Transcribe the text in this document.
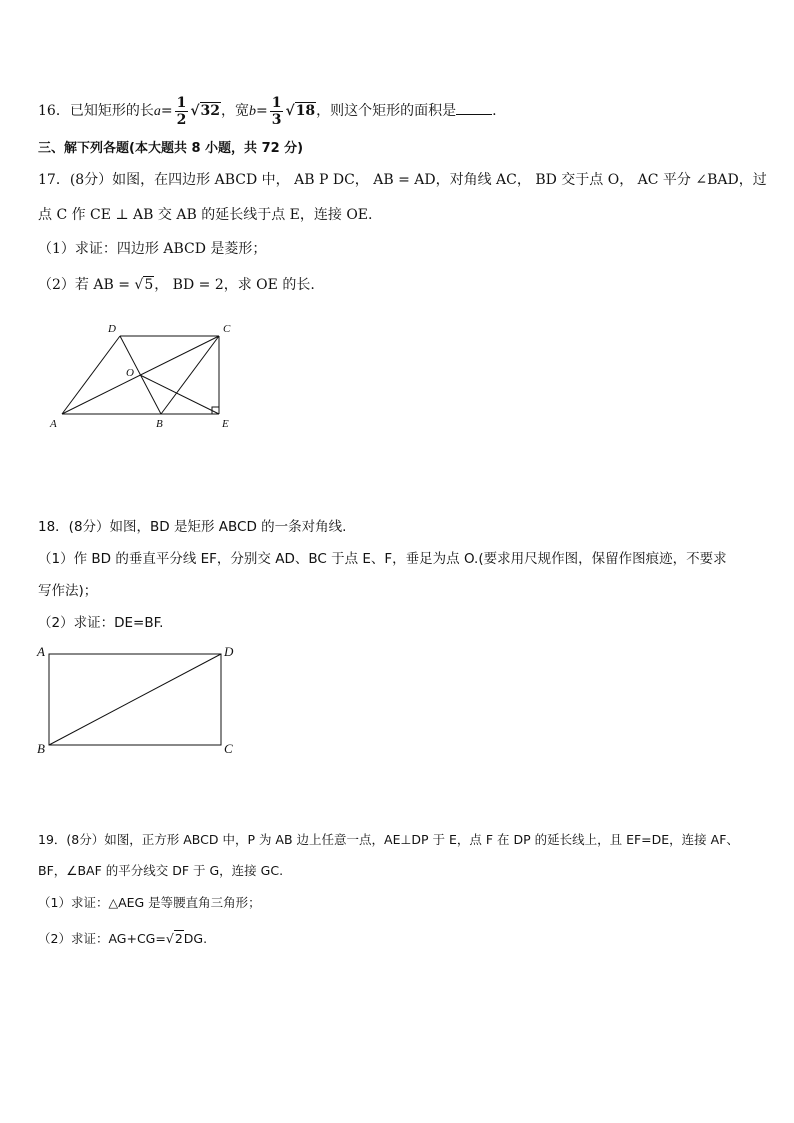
16．已知矩形的长$a= \frac{1}{2} √32$，宽$b= \frac{1}{3} √18$，则这个矩形的面积是	.
三、解下列各题(本大题共 8 小题，共 72 分)
17．(8分）如图，在四边形 ABCD 中， AB P DC， AB = AD，对角线 AC， BD 交于点 O， AC 平分 ∠BAD，过
点 C 作 CE ⊥ AB 交 AB 的延长线于点 E，连接 OE.
（1）求证：四边形 ABCD 是菱形；
（2）若 AB = √5， BD = 2，求 OE 的长.
D	C
O
A	B	E
18．(8分）如图，BD 是矩形 ABCD 的一条对角线.
（1）作 BD 的垂直平分线 EF，分别交 AD、BC 于点 E、F，垂足为点 O.(要求用尺规作图，保留作图痕迹，不要求
写作法)；
（2）求证：DE=BF.
A	D
B	C
19．(8分）如图，正方形 ABCD 中，P 为 AB 边上任意一点，AE⊥DP 于 E，点 F 在 DP 的延长线上，且 EF=DE，连接 AF、
BF，∠BAF 的平分线交 DF 于 G，连接 GC.
（1）求证：△AEG 是等腰直角三角形；
（2）求证：AG+CG=√2DG.
